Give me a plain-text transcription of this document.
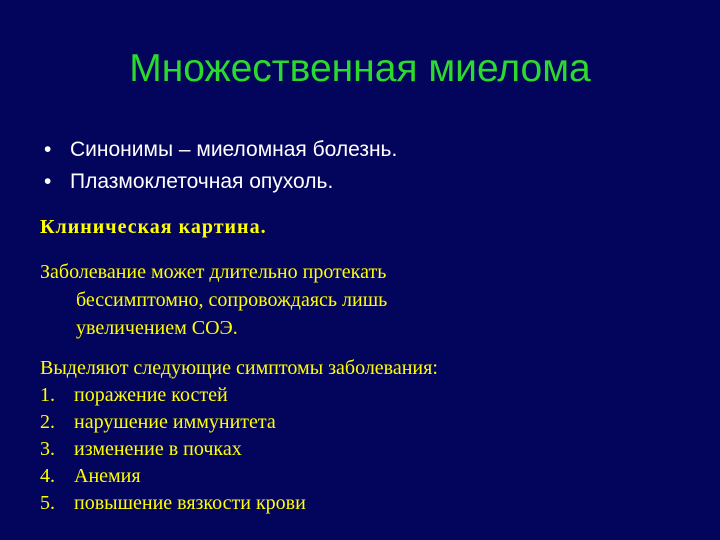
Множественная миелома
• Синонимы – миеломная болезнь.
• Плазмоклеточная опухоль.
Клиническая картина.
Заболевание может длительно протекать
бессимптомно, сопровождаясь лишь
увеличением СОЭ.
Выделяют следующие симптомы заболевания:
1. поражение костей
2. нарушение иммунитета
3. изменение в почках
4. Анемия
5. повышение вязкости крови
